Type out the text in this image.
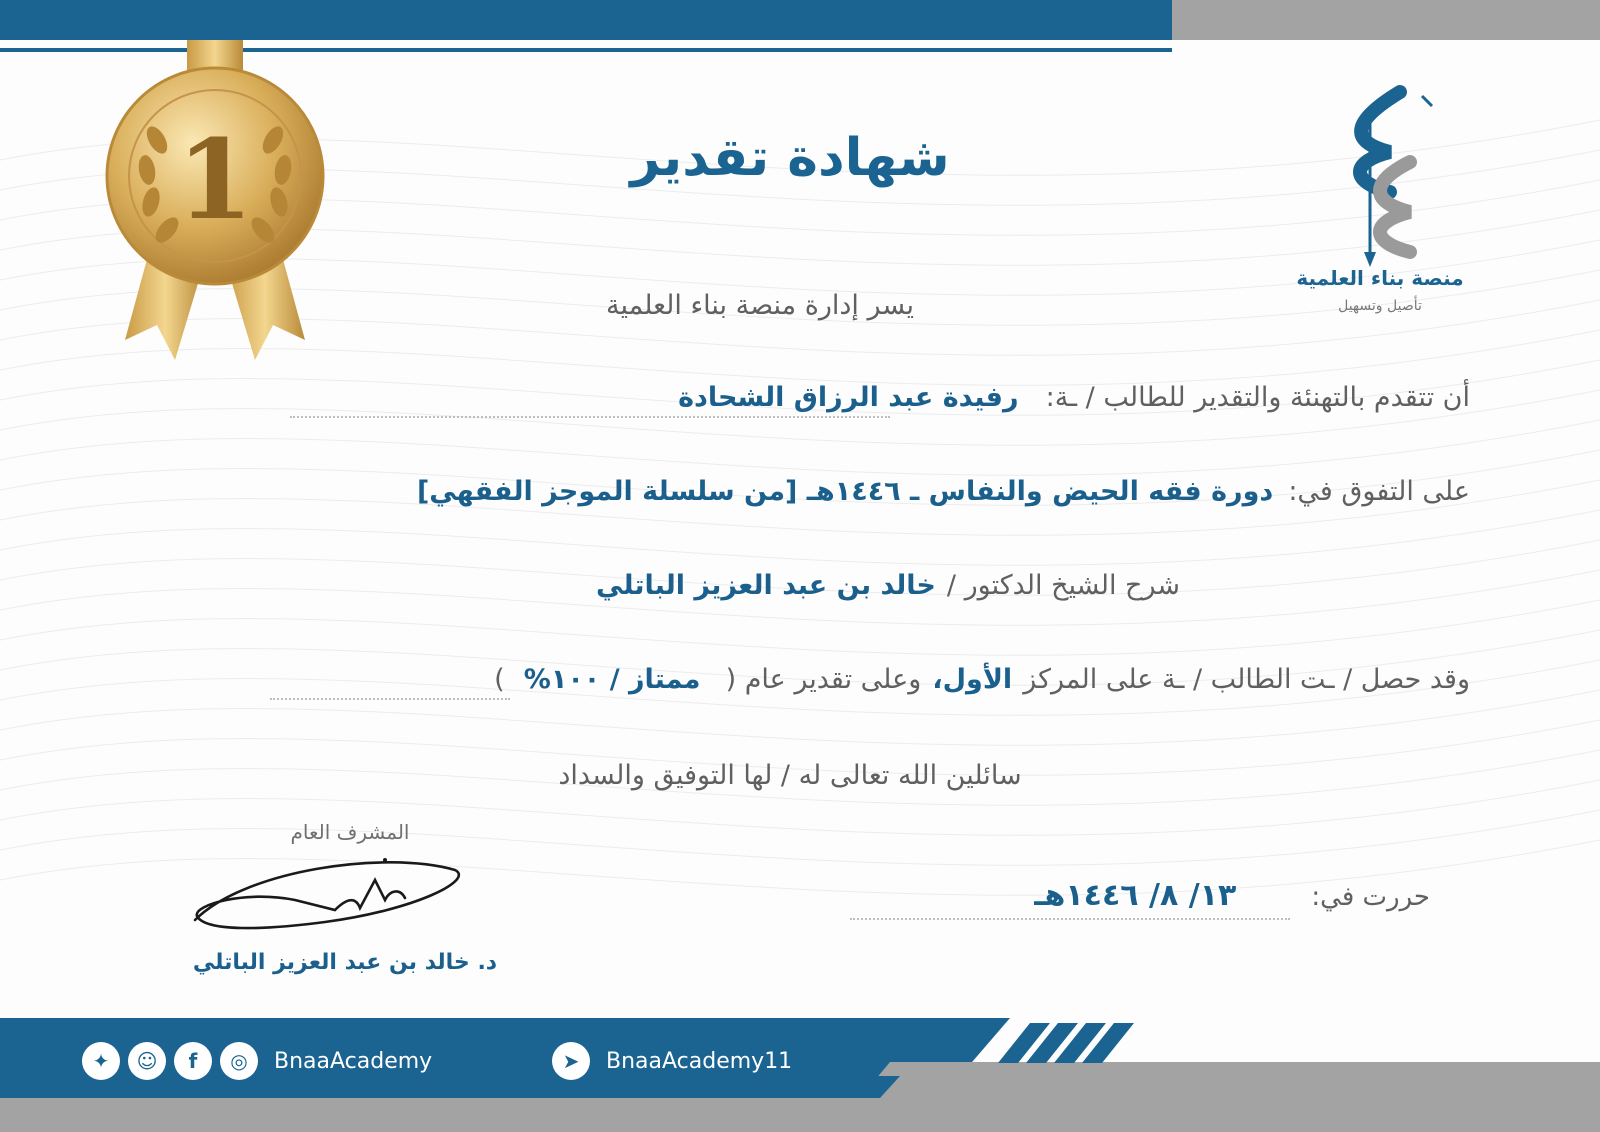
1
منصة بناء العلمية
تأصيل وتسهيل
شهادة تقدير
يسر إدارة منصة بناء العلمية
أن تتقدم بالتهنئة والتقدير للطالب / ـة: رفيدة عبد الرزاق الشحادة
على التفوق في: دورة فقه الحيض والنفاس ـ ١٤٤٦هـ [من سلسلة الموجز الفقهي]
شرح الشيخ الدكتور / خالد بن عبد العزيز الباتلي
وقد حصل / ـت الطالب / ـة على المركز الأول، وعلى تقدير عام ( ممتاز / ١٠٠% )
سائلين الله تعالى له / لها التوفيق والسداد
المشرف العام
د. خالد بن عبد العزيز الباتلي
حررت في: ١٣/ ٨/ ١٤٤٦هـ
✦	☺	f	◎	BnaaAcademy	➤	BnaaAcademy11
